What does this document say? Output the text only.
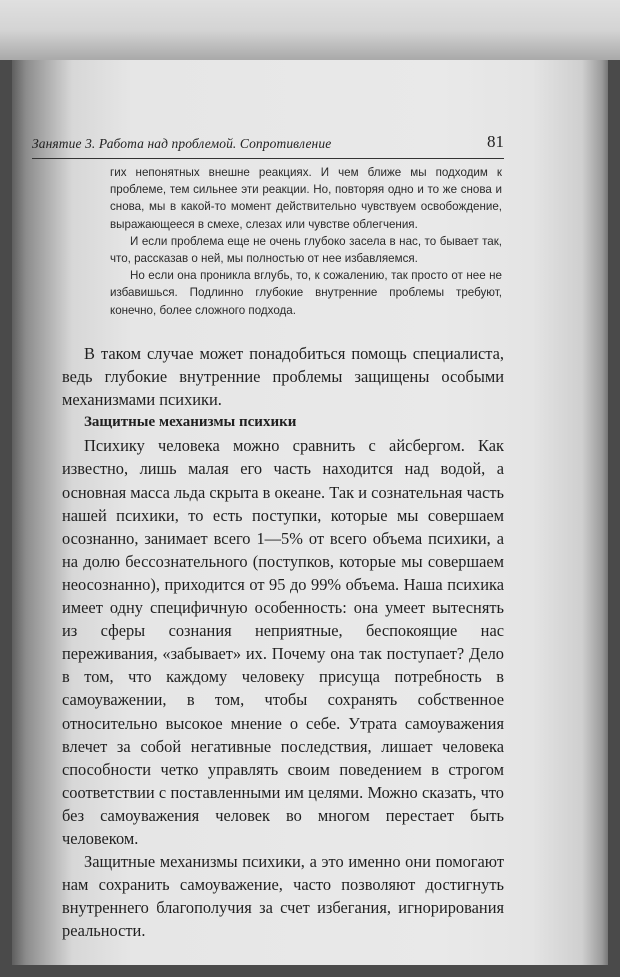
Занятие 3. Работа над проблемой. Сопротивление	81

гих непонятных внешне реакциях. И чем ближе мы подходим к проблеме, тем сильнее эти реакции. Но, повторяя одно и то же снова и снова, мы в какой-то момент действительно чувствуем освобождение, выражающееся в смехе, слезах или чувстве облегчения.

И если проблема еще не очень глубоко засела в нас, то бывает так, что, рассказав о ней, мы полностью от нее избавляемся.

Но если она проникла вглубь, то, к сожалению, так просто от нее не избавишься. Подлинно глубокие внутренние проблемы требуют, конечно, более сложного подхода.

В таком случае может понадобиться помощь специалиста, ведь глубокие внутренние проблемы защищены особыми механизмами психики.

Защитные механизмы психики

Психику человека можно сравнить с айсбергом. Как известно, лишь малая его часть находится над водой, а основная масса льда скрыта в океане. Так и сознательная часть нашей психики, то есть поступки, которые мы совершаем осознанно, занимает всего 1—5% от всего объема психики, а на долю бессознательного (поступков, которые мы совершаем неосознанно), приходится от 95 до 99% объема. Наша психика имеет одну специфичную особенность: она умеет вытеснять из сферы сознания неприятные, беспокоящие нас переживания, «забывает» их. Почему она так поступает? Дело в том, что каждому человеку присуща потребность в самоуважении, в том, чтобы сохранять собственное относительно высокое мнение о себе. Утрата самоуважения влечет за собой негативные последствия, лишает человека способности четко управлять своим поведением в строгом соответствии с поставленными им целями. Можно сказать, что без самоуважения человек во многом перестает быть человеком.

Защитные механизмы психики, а это именно они помогают нам сохранить самоуважение, часто позволяют достигнуть внутреннего благополучия за счет избегания, игнорирования реальности.
